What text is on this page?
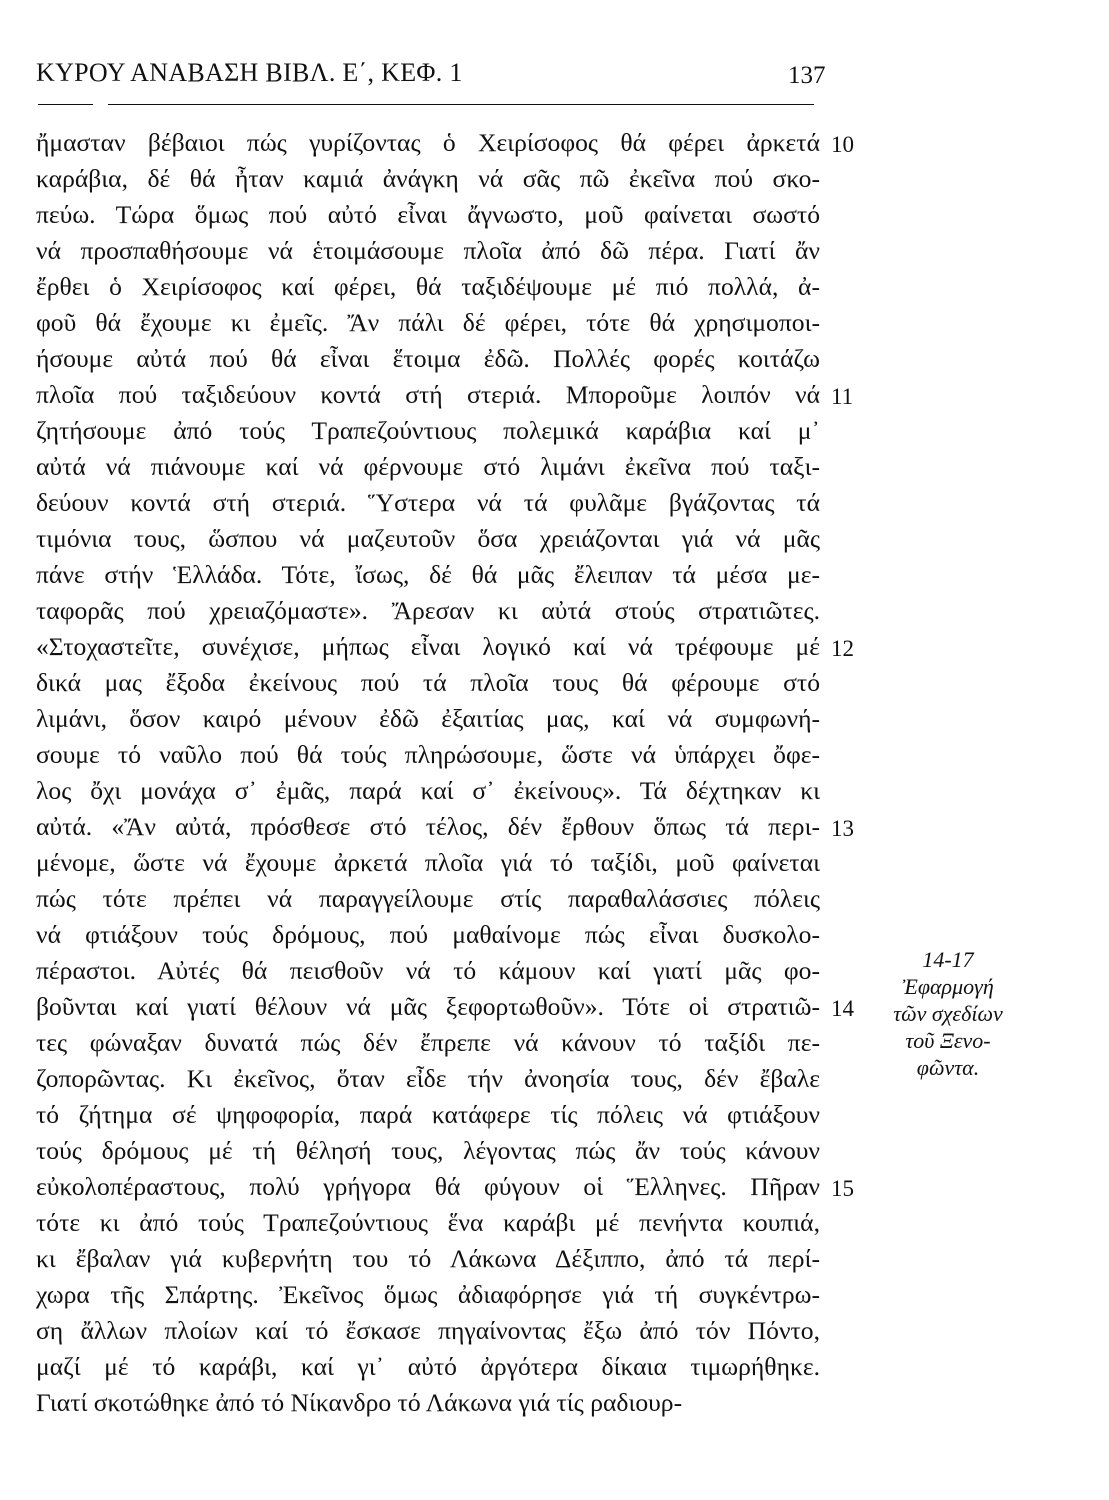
ΚΥΡΟΥ ΑΝΑΒΑΣΗ ΒΙΒΛ. Ε΄, ΚΕΦ. 1	137
ἤμασταν βέβαιοι πώς γυρίζοντας ὁ Χειρίσοφος θά φέρει ἀρκετά
καράβια, δέ θά ἦταν καμιά ἀνάγκη νά σᾶς πῶ ἐκεῖνα πού σκο-
πεύω. Τώρα ὅμως πού αὐτό εἶναι ἄγνωστο, μοῦ φαίνεται σωστό
νά προσπαθήσουμε νά ἑτοιμάσουμε πλοῖα ἀπό δῶ πέρα. Γιατί ἄν
ἔρθει ὁ Χειρίσοφος καί φέρει, θά ταξιδέψουμε μέ πιό πολλά, ἀ-
φοῦ θά ἔχουμε κι ἐμεῖς. Ἄν πάλι δέ φέρει, τότε θά χρησιμοποι-
ήσουμε αὐτά πού θά εἶναι ἕτοιμα ἐδῶ. Πολλές φορές κοιτάζω
πλοῖα πού ταξιδεύουν κοντά στή στεριά. Μποροῦμε λοιπόν νά
ζητήσουμε ἀπό τούς Τραπεζούντιους πολεμικά καράβια καί μ᾽
αὐτά νά πιάνουμε καί νά φέρνουμε στό λιμάνι ἐκεῖνα πού ταξι-
δεύουν κοντά στή στεριά. Ὕστερα νά τά φυλᾶμε βγάζοντας τά
τιμόνια τους, ὥσπου νά μαζευτοῦν ὅσα χρειάζονται γιά νά μᾶς
πάνε στήν Ἑλλάδα. Τότε, ἴσως, δέ θά μᾶς ἔλειπαν τά μέσα με-
ταφορᾶς πού χρειαζόμαστε». Ἄρεσαν κι αὐτά στούς στρατιῶτες.
«Στοχαστεῖτε, συνέχισε, μήπως εἶναι λογικό καί νά τρέφουμε μέ
δικά μας ἔξοδα ἐκείνους πού τά πλοῖα τους θά φέρουμε στό
λιμάνι, ὅσον καιρό μένουν ἐδῶ ἐξαιτίας μας, καί νά συμφωνή-
σουμε τό ναῦλο πού θά τούς πληρώσουμε, ὥστε νά ὑπάρχει ὄφε-
λος ὄχι μονάχα σ᾽ ἐμᾶς, παρά καί σ᾽ ἐκείνους». Τά δέχτηκαν κι
αὐτά. «Ἄν αὐτά, πρόσθεσε στό τέλος, δέν ἔρθουν ὅπως τά περι-
μένομε, ὥστε νά ἔχουμε ἀρκετά πλοῖα γιά τό ταξίδι, μοῦ φαίνεται
πώς τότε πρέπει νά παραγγείλουμε στίς παραθαλάσσιες πόλεις
νά φτιάξουν τούς δρόμους, πού μαθαίνομε πώς εἶναι δυσκολο-
πέραστοι. Αὐτές θά πεισθοῦν νά τό κάμουν καί γιατί μᾶς φο-
βοῦνται καί γιατί θέλουν νά μᾶς ξεφορτωθοῦν». Τότε οἱ στρατιῶ-
τες φώναξαν δυνατά πώς δέν ἔπρεπε νά κάνουν τό ταξίδι πε-
ζοπορῶντας. Κι ἐκεῖνος, ὅταν εἶδε τήν ἀνοησία τους, δέν ἔβαλε
τό ζήτημα σέ ψηφοφορία, παρά κατάφερε τίς πόλεις νά φτιάξουν
τούς δρόμους μέ τή θέλησή τους, λέγοντας πώς ἄν τούς κάνουν
εὐκολοπέραστους, πολύ γρήγορα θά φύγουν οἱ Ἕλληνες. Πῆραν
τότε κι ἀπό τούς Τραπεζούντιους ἕνα καράβι μέ πενήντα κουπιά,
κι ἔβαλαν γιά κυβερνήτη του τό Λάκωνα Δέξιππο, ἀπό τά περί-
χωρα τῆς Σπάρτης. Ἐκεῖνος ὅμως ἀδιαφόρησε γιά τή συγκέντρω-
ση ἄλλων πλοίων καί τό ἔσκασε πηγαίνοντας ἔξω ἀπό τόν Πόντο,
μαζί μέ τό καράβι, καί γι᾽ αὐτό ἀργότερα δίκαια τιμωρήθηκε.
Γιατί σκοτώθηκε ἀπό τό Νίκανδρο τό Λάκωνα γιά τίς ραδιουρ-
10
11
12
13
14
15
14-17
Ἐφαρμογή
τῶν σχεδίων
τοῦ Ξενο-
φῶντα.
